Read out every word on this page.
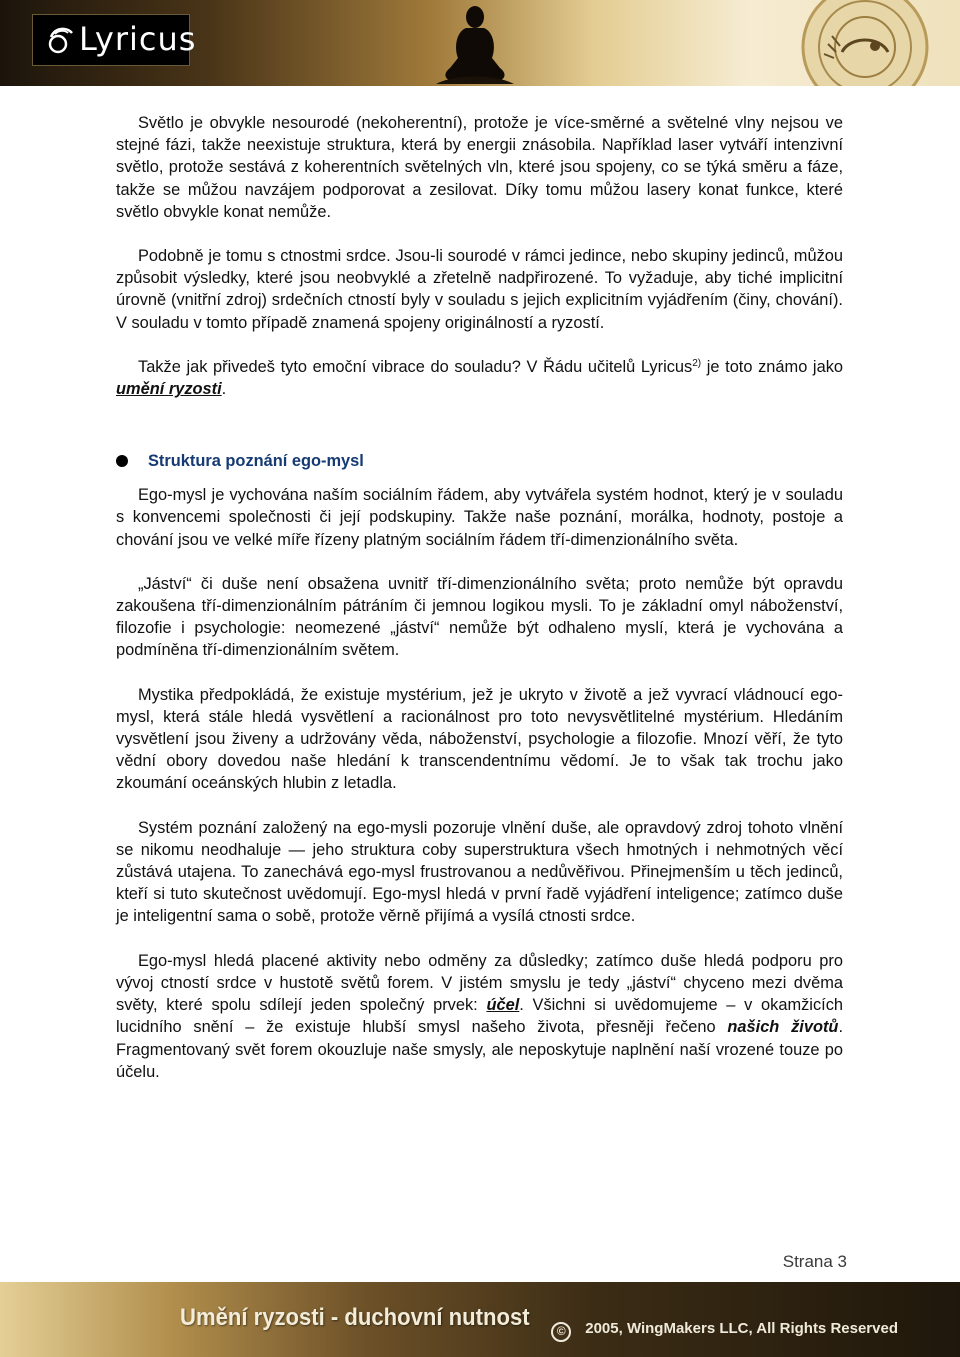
Lyricus

Světlo je obvykle nesourodé (nekoherentní), protože je více-směrné a světelné vlny nejsou ve stejné fázi, takže neexistuje struktura, která by energii znásobila. Například laser vytváří intenzivní světlo, protože sestává z koherentních světelných vln, které jsou spojeny, co se týká směru a fáze, takže se můžou navzájem podporovat a zesilovat. Díky tomu můžou lasery konat funkce, které světlo obvykle konat nemůže.

Podobně je tomu s ctnostmi srdce. Jsou-li sourodé v rámci jedince, nebo skupiny jedinců, můžou způsobit výsledky, které jsou neobvyklé a zřetelně nadpřirozené. To vyžaduje, aby tiché implicitní úrovně (vnitřní zdroj) srdečních ctností byly v souladu s jejich explicitním vyjádřením (činy, chování). V souladu v tomto případě znamená spojeny originálností a ryzostí.

Takže jak přivedeš tyto emoční vibrace do souladu? V Řádu učitelů Lyricus$^{2)}$ je toto známo jako umění ryzosti.

Struktura poznání ego-mysl

Ego-mysl je vychována naším sociálním řádem, aby vytvářela systém hodnot, který je v souladu s konvencemi společnosti či její podskupiny. Takže naše poznání, morálka, hodnoty, postoje a chování jsou ve velké míře řízeny platným sociálním řádem tří-dimenzionálního světa.

„Jáství“ či duše není obsažena uvnitř tří-dimenzionálního světa; proto nemůže být opravdu zakoušena tří-dimenzionálním pátráním či jemnou logikou mysli. To je základní omyl náboženství, filozofie i psychologie: neomezené „jáství“ nemůže být odhaleno myslí, která je vychována a podmíněna tří-dimenzionálním světem.

Mystika předpokládá, že existuje mystérium, jež je ukryto v životě a jež vyvrací vládnoucí ego-mysl, která stále hledá vysvětlení a racionálnost pro toto nevysvětlitelné mystérium. Hledáním vysvětlení jsou živeny a udržovány věda, náboženství, psychologie a filozofie. Mnozí věří, že tyto vědní obory dovedou naše hledání k transcendentnímu vědomí. Je to však tak trochu jako zkoumání oceánských hlubin z letadla.

Systém poznání založený na ego-mysli pozoruje vlnění duše, ale opravdový zdroj tohoto vlnění se nikomu neodhaluje — jeho struktura coby superstruktura všech hmotných i nehmotných věcí zůstává utajena. To zanechává ego-mysl frustrovanou a nedůvěřivou. Přinejmenším u těch jedinců, kteří si tuto skutečnost uvědomují. Ego-mysl hledá v první řadě vyjádření inteligence; zatímco duše je inteligentní sama o sobě, protože věrně přijímá a vysílá ctnosti srdce.

Ego-mysl hledá placené aktivity nebo odměny za důsledky; zatímco duše hledá podporu pro vývoj ctností srdce v hustotě světů forem. V jistém smyslu je tedy „jáství“ chyceno mezi dvěma světy, které spolu sdílejí jeden společný prvek: účel. Všichni si uvědomujeme – v okamžicích lucidního snění – že existuje hlubší smysl našeho života, přesněji řečeno našich životů. Fragmentovaný svět forem okouzluje naše smysly, ale neposkytuje naplnění naší vrozené touze po účelu.

Strana 3
Umění ryzosti - duchovní nutnost	© 2005, WingMakers LLC, All Rights Reserved
